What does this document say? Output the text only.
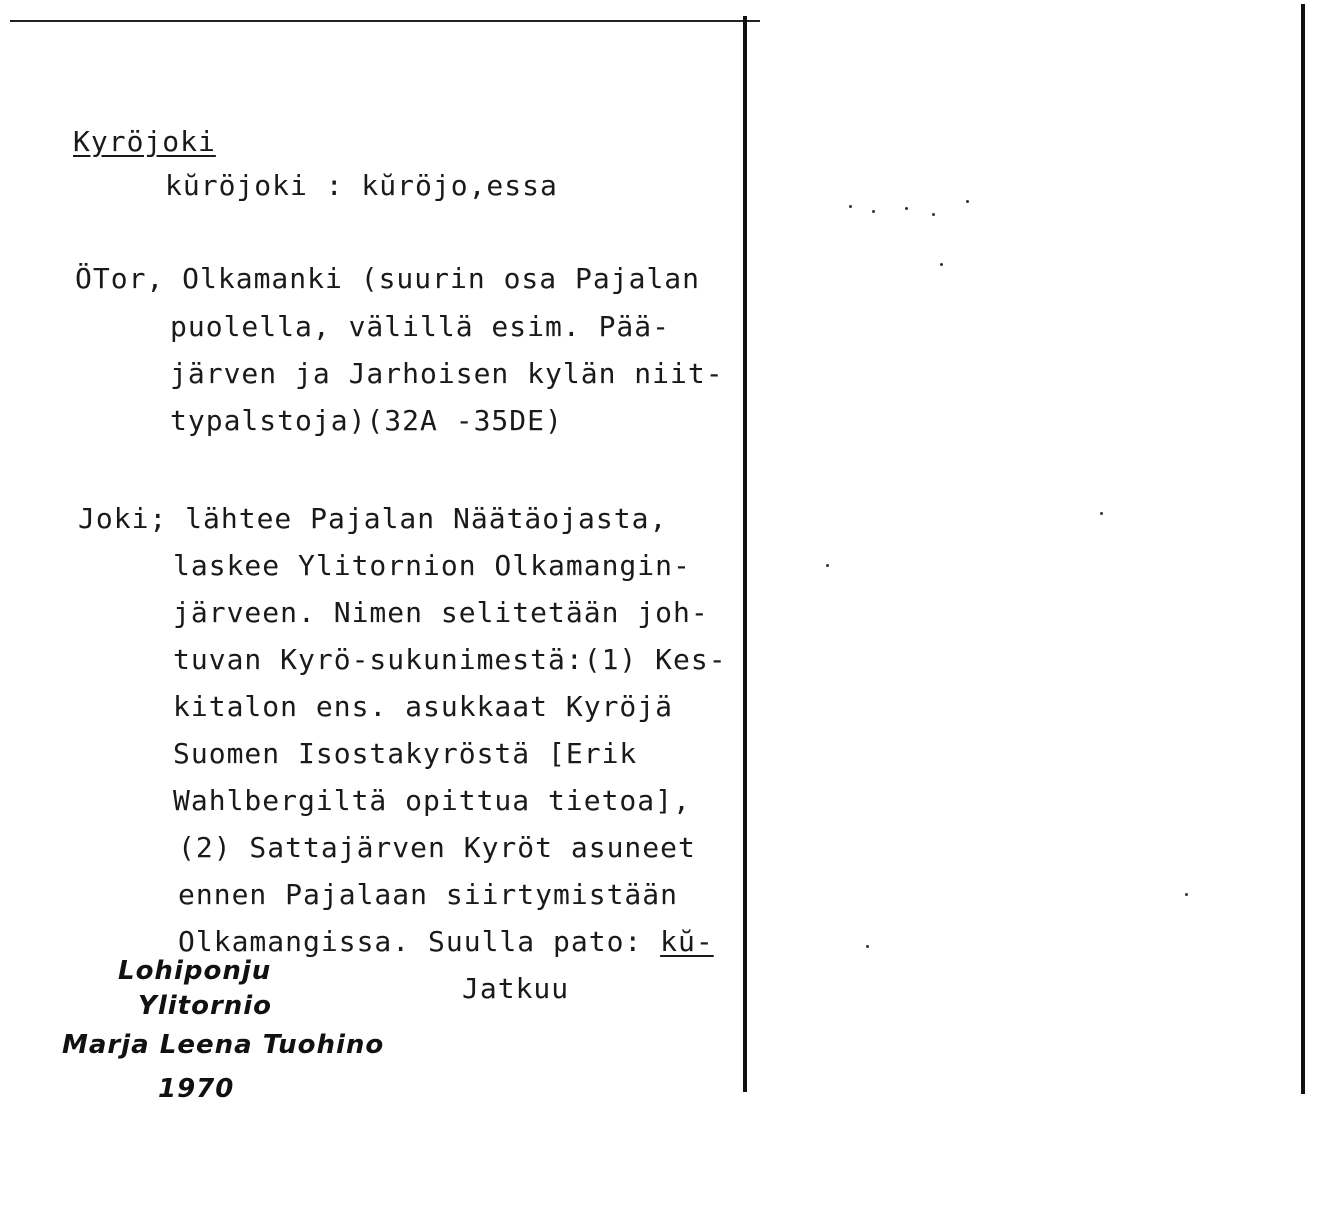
Kyröjoki
kŭröjoki : kŭröjo,essa
ÖTor, Olkamanki (suurin osa Pajalan
puolella, välillä esim. Pää-
järven ja Jarhoisen kylän niit-
typalstoja)(32A -35DE)
Joki; lähtee Pajalan Näätäojasta,
laskee Ylitornion Olkamangin-
järveen. Nimen selitetään joh-
tuvan Kyrö-sukunimestä:(1) Kes-
kitalon ens. asukkaat Kyröjä
Suomen Isostakyröstä [Erik
Wahlbergiltä opittua tietoa],
(2) Sattajärven Kyröt asuneet
ennen Pajalaan siirtymistään
Olkamangissa. Suulla pato: kŭ-
Jatkuu
Lohiponju
Ylitornio
Marja Leena Tuohino
1970
